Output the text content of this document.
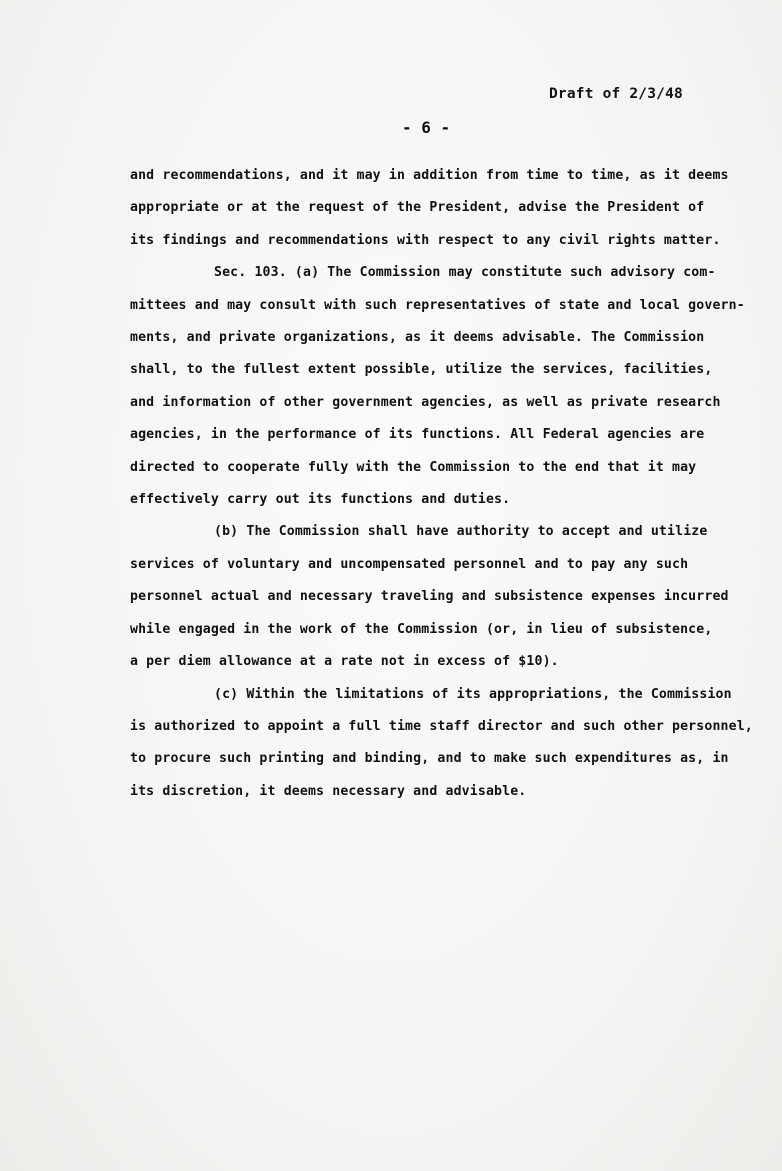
Draft of 2/3/48
- 6 -
and recommendations, and it may in addition from time to time, as it deems
appropriate or at the request of the President, advise the President of
its findings and recommendations with respect to any civil rights matter.
Sec. 103. (a) The Commission may constitute such advisory com-
mittees and may consult with such representatives of state and local govern-
ments, and private organizations, as it deems advisable. The Commission
shall, to the fullest extent possible, utilize the services, facilities,
and information of other government agencies, as well as private research
agencies, in the performance of its functions. All Federal agencies are
directed to cooperate fully with the Commission to the end that it may
effectively carry out its functions and duties.
(b) The Commission shall have authority to accept and utilize
services of voluntary and uncompensated personnel and to pay any such
personnel actual and necessary traveling and subsistence expenses incurred
while engaged in the work of the Commission (or, in lieu of subsistence,
a per diem allowance at a rate not in excess of $10).
(c) Within the limitations of its appropriations, the Commission
is authorized to appoint a full time staff director and such other personnel,
to procure such printing and binding, and to make such expenditures as, in
its discretion, it deems necessary and advisable.
